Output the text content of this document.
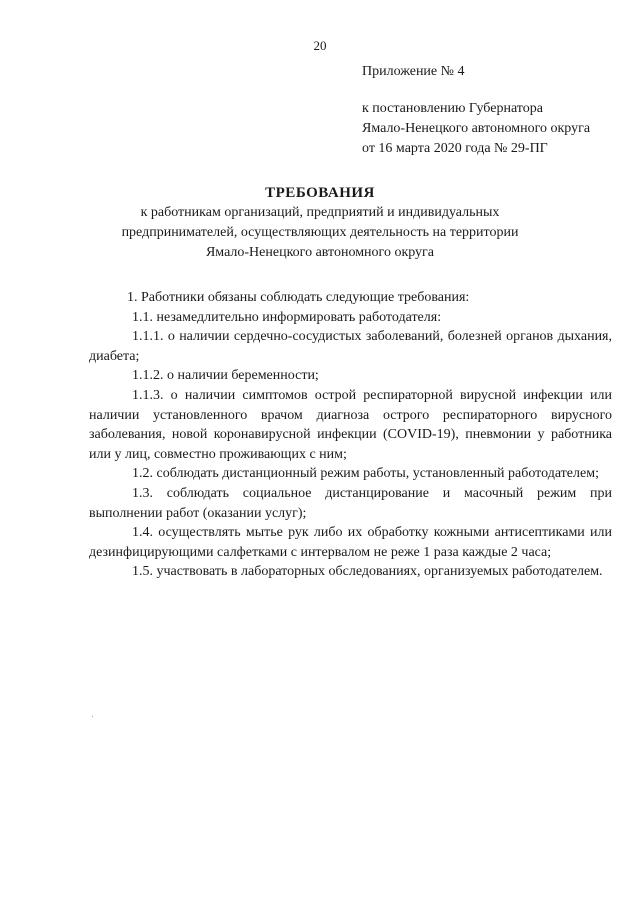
20
Приложение № 4
к постановлению Губернатора
Ямало-Ненецкого автономного округа
от 16 марта 2020 года № 29-ПГ
ТРЕБОВАНИЯ
к работникам организаций, предприятий и индивидуальных
предпринимателей, осуществляющих деятельность на территории
Ямало-Ненецкого автономного округа

1. Работники обязаны соблюдать следующие требования:

1.1. незамедлительно информировать работодателя:

1.1.1. о наличии сердечно-сосудистых заболеваний, болезней органов дыхания, диабета;

1.1.2. о наличии беременности;

1.1.3. о наличии симптомов острой респираторной вирусной инфекции или наличии установленного врачом диагноза острого респираторного вирусного заболевания, новой коронавирусной инфекции (COVID-19), пневмонии у работника или у лиц, совместно проживающих с ним;

1.2. соблюдать дистанционный режим работы, установленный работодателем;

1.3. соблюдать социальное дистанцирование и масочный режим при выполнении работ (оказании услуг);

1.4. осуществлять мытье рук либо их обработку кожными антисептиками или дезинфицирующими салфетками с интервалом не реже 1 раза каждые 2 часа;

1.5. участвовать в лабораторных обследованиях, организуемых работодателем.
